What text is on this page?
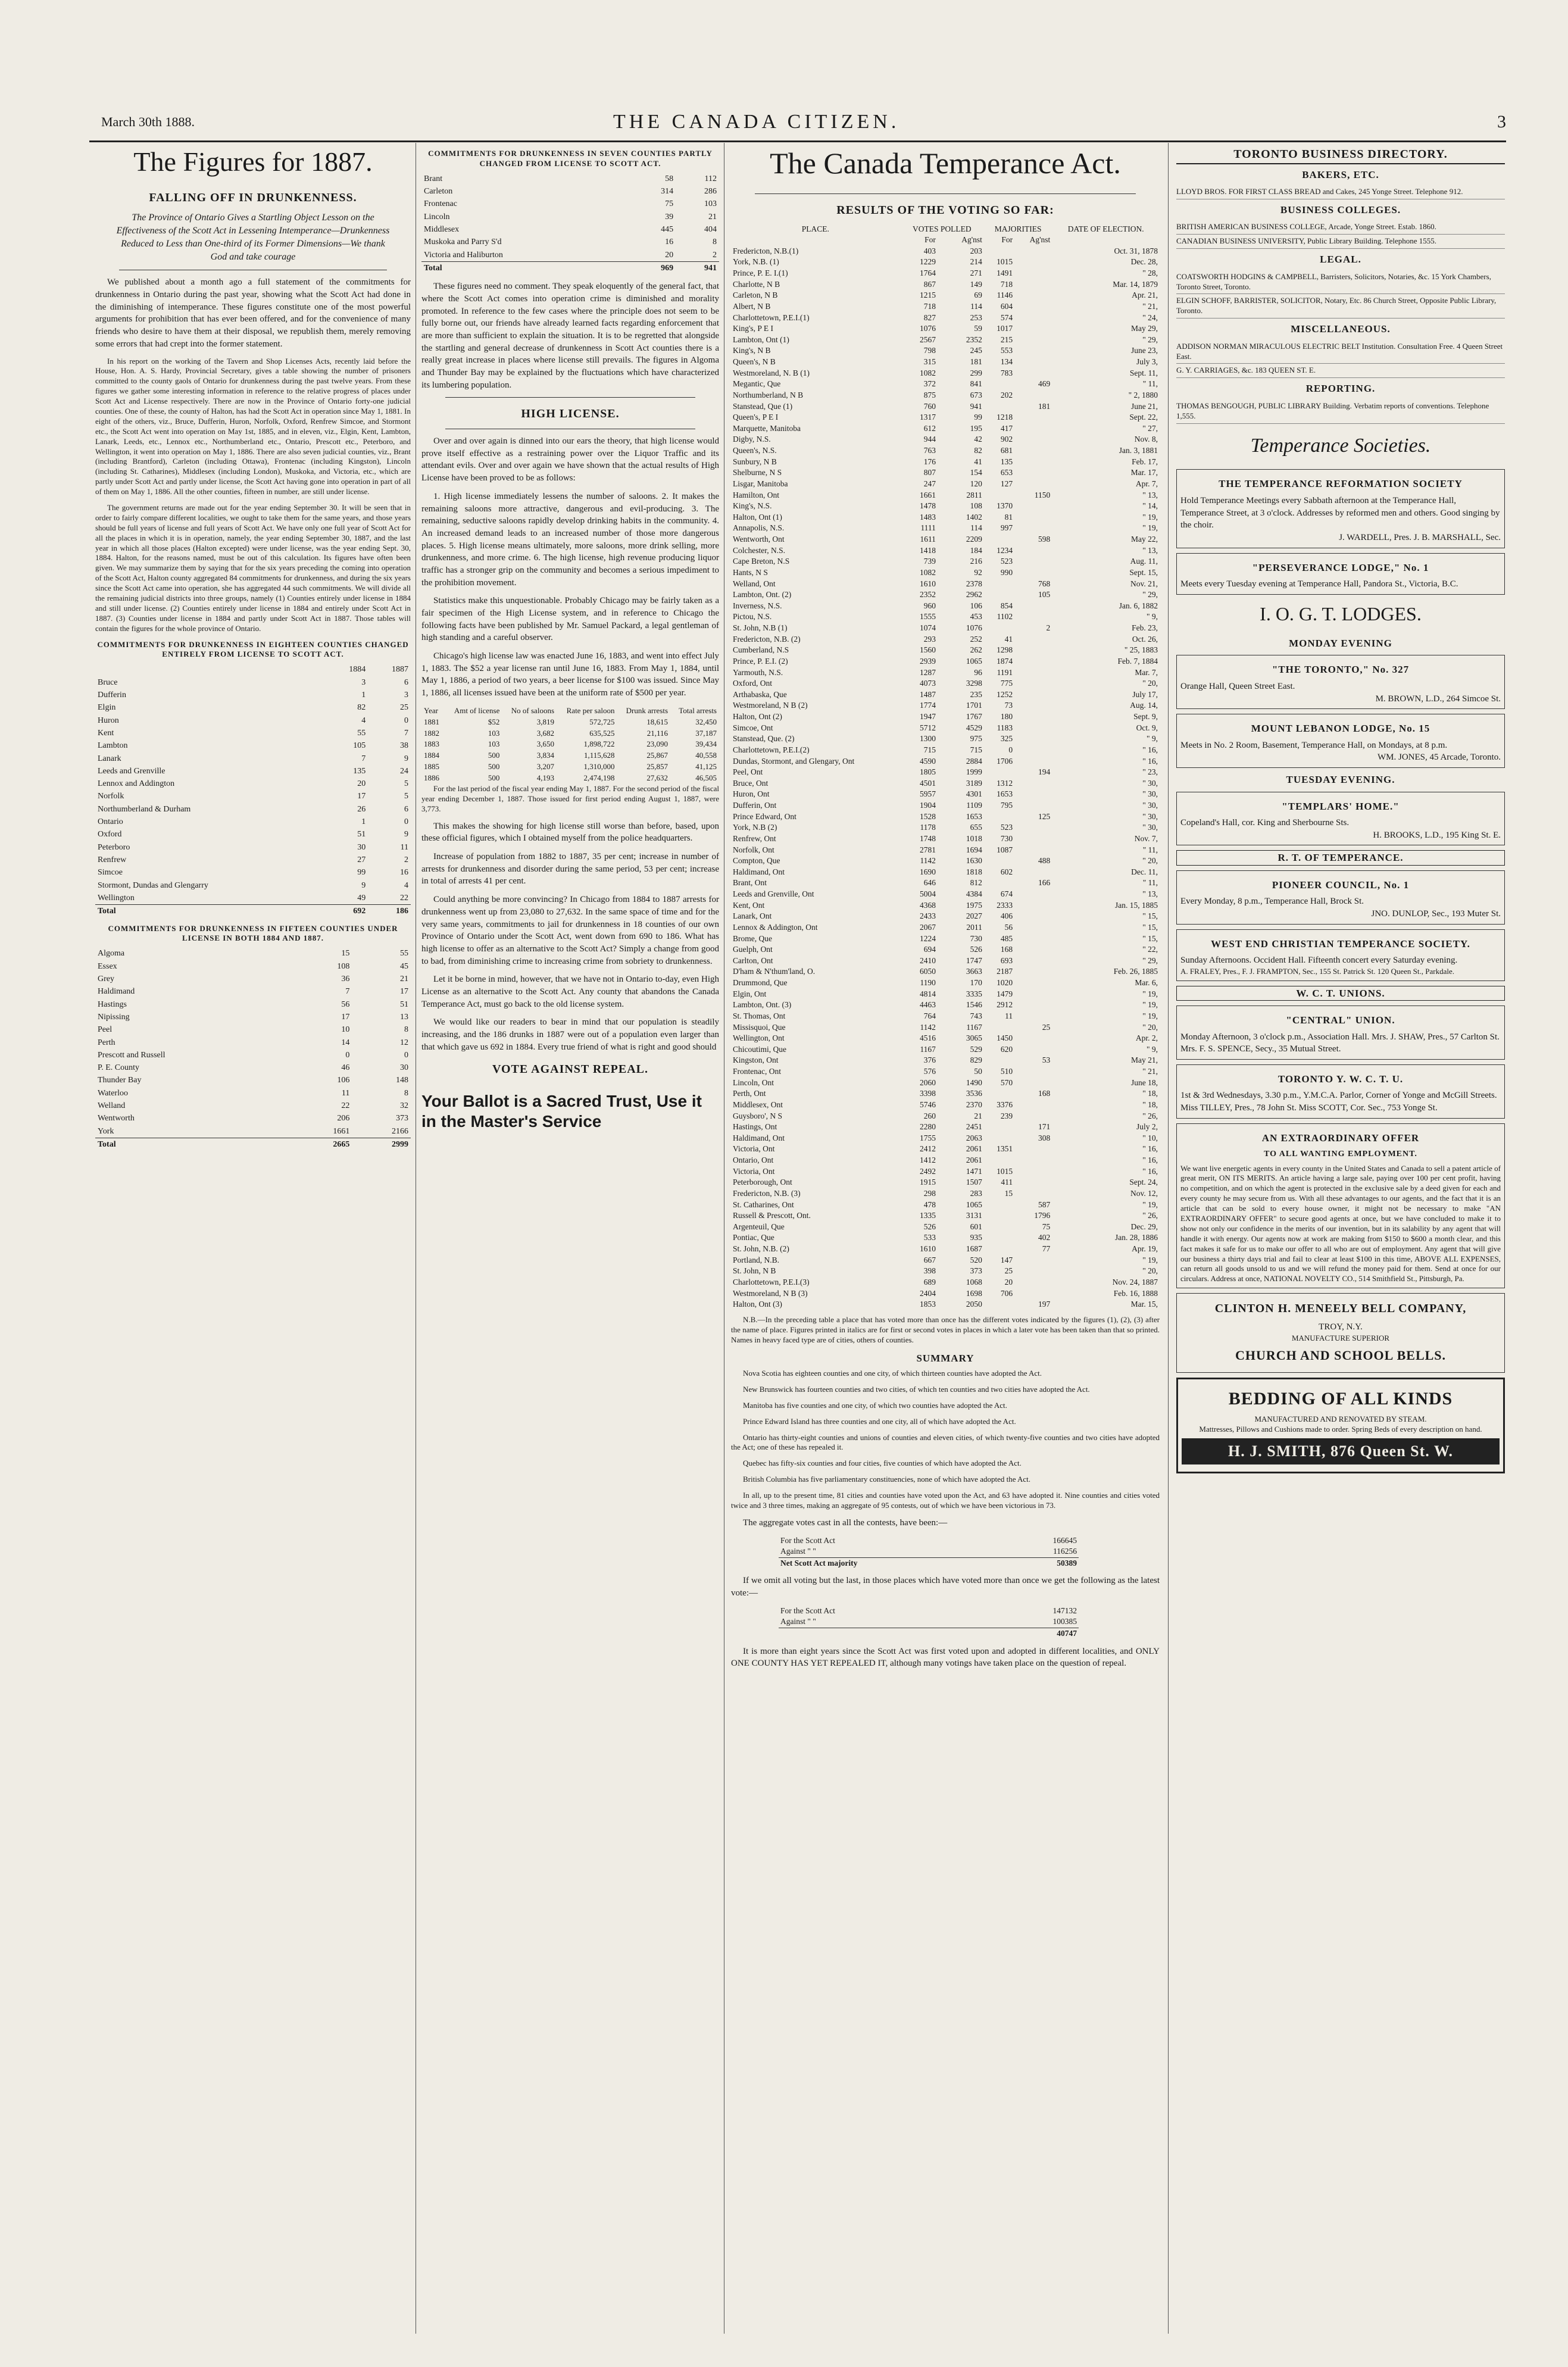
March 30th 1888.	THE CANADA CITIZEN.	3
The Figures for 1887.
FALLING OFF IN DRUNKENNESS.
The Province of Ontario Gives a Startling Object Lesson on the Effectiveness of the Scott Act in Lessening Intemperance—Drunkenness Reduced to Less than One-third of its Former Dimensions—We thank God and take courage

We published about a month ago a full statement of the commitments for drunkenness in Ontario during the past year, showing what the Scott Act had done in the diminishing of intemperance. These figures constitute one of the most powerful arguments for prohibition that has ever been offered, and for the convenience of many friends who desire to have them at their disposal, we republish them, merely removing some errors that had crept into the former statement.

In his report on the working of the Tavern and Shop Licenses Acts, recently laid before the House, Hon. A. S. Hardy, Provincial Secretary, gives a table showing the number of prisoners committed to the county gaols of Ontario for drunkenness during the past twelve years. From these figures we gather some interesting information in reference to the relative progress of places under Scott Act and License respectively. There are now in the Province of Ontario forty-one judicial counties. One of these, the county of Halton, has had the Scott Act in operation since May 1, 1881. In eight of the others, viz., Bruce, Dufferin, Huron, Norfolk, Oxford, Renfrew Simcoe, and Stormont etc., the Scott Act went into operation on May 1st, 1885, and in eleven, viz., Elgin, Kent, Lambton, Lanark, Leeds, etc., Lennox etc., Northumberland etc., Ontario, Prescott etc., Peterboro, and Wellington, it went into operation on May 1, 1886. There are also seven judicial counties, viz., Brant (including Brantford), Carleton (including Ottawa), Frontenac (including Kingston), Lincoln (including St. Catharines), Middlesex (including London), Muskoka, and Victoria, etc., which are partly under Scott Act and partly under license, the Scott Act having gone into operation in part of all of them on May 1, 1886. All the other counties, fifteen in number, are still under license.

The government returns are made out for the year ending September 30. It will be seen that in order to fairly compare different localities, we ought to take them for the same years, and those years should be full years of license and full years of Scott Act. We have only one full year of Scott Act for all the places in which it is in operation, namely, the year ending September 30, 1887, and the last year in which all those places (Halton excepted) were under license, was the year ending Sept. 30, 1884. Halton, for the reasons named, must be out of this calculation. Its figures have often been given. We may summarize them by saying that for the six years preceding the coming into operation of the Scott Act, Halton county aggregated 84 commitments for drunkenness, and during the six years since the Scott Act came into operation, she has aggregated 44 such commitments. We will divide all the remaining judicial districts into three groups, namely (1) Counties entirely under license in 1884 and still under license. (2) Counties entirely under license in 1884 and entirely under Scott Act in 1887. (3) Counties under license in 1884 and partly under Scott Act in 1887. Those tables will contain the figures for the whole province of Ontario.

COMMITMENTS FOR DRUNKENNESS IN EIGHTEEN COUNTIES CHANGED ENTIRELY FROM LICENSE TO SCOTT ACT.
	1884	1887
Bruce	3	6
Dufferin	1	3
Elgin	82	25
Huron	4	0
Kent	55	7
Lambton	105	38
Lanark	7	9
Leeds and Grenville	135	24
Lennox and Addington	20	5
Norfolk	17	5
Northumberland & Durham	26	6
Ontario	1	0
Oxford	51	9
Peterboro	30	11
Renfrew	27	2
Simcoe	99	16
Stormont, Dundas and Glengarry	9	4
Wellington	49	22
Total	692	186
COMMITMENTS FOR DRUNKENNESS IN FIFTEEN COUNTIES UNDER LICENSE IN BOTH 1884 AND 1887.
Algoma	15	55
Essex	108	45
Grey	36	21
Haldimand	7	17
Hastings	56	51
Nipissing	17	13
Peel	10	8
Perth	14	12
Prescott and Russell	0	0
P. E. County	46	30
Thunder Bay	106	148
Waterloo	11	8
Welland	22	32
Wentworth	206	373
York	1661	2166
Total	2665	2999
COMMITMENTS FOR DRUNKENNESS IN SEVEN COUNTIES PARTLY CHANGED FROM LICENSE TO SCOTT ACT.
Brant	58	112
Carleton	314	286
Frontenac	75	103
Lincoln	39	21
Middlesex	445	404
Muskoka and Parry S'd	16	8
Victoria and Haliburton	20	2
Total	969	941

These figures need no comment. They speak eloquently of the general fact, that where the Scott Act comes into operation crime is diminished and morality promoted. In reference to the few cases where the principle does not seem to be fully borne out, our friends have already learned facts regarding enforcement that are more than sufficient to explain the situation. It is to be regretted that alongside the startling and general decrease of drunkenness in Scott Act counties there is a really great increase in places where license still prevails. The figures in Algoma and Thunder Bay may be explained by the fluctuations which have characterized its lumbering population.

HIGH LICENSE.

Over and over again is dinned into our ears the theory, that high license would prove itself effective as a restraining power over the Liquor Traffic and its attendant evils. Over and over again we have shown that the actual results of High License have been proved to be as follows:

1. High license immediately lessens the number of saloons. 2. It makes the remaining saloons more attractive, dangerous and evil-producing. 3. The remaining, seductive saloons rapidly develop drinking habits in the community. 4. An increased demand leads to an increased number of those more dangerous places. 5. High license means ultimately, more saloons, more drink selling, more drunkenness, and more crime. 6. The high license, high revenue producing liquor traffic has a stronger grip on the community and becomes a serious impediment to the prohibition movement.

Statistics make this unquestionable. Probably Chicago may be fairly taken as a fair specimen of the High License system, and in reference to Chicago the following facts have been published by Mr. Samuel Packard, a legal gentleman of high standing and a careful observer.

Chicago's high license law was enacted June 16, 1883, and went into effect July 1, 1883. The $52 a year license ran until June 16, 1883. From May 1, 1884, until May 1, 1886, a period of two years, a beer license for $100 was issued. Since May 1, 1886, all licenses issued have been at the uniform rate of $500 per year.

Year	Amt of license	No of saloons	Rate per saloon	Drunk arrests	Total arrests
1881	$52	3,819	572,725	18,615	32,450
1882	103	3,682	635,525	21,116	37,187
1883	103	3,650	1,898,722	23,090	39,434
1884	500	3,834	1,115,628	25,867	40,558
1885	500	3,207	1,310,000	25,857	41,125
1886	500	4,193	2,474,198	27,632	46,505

For the last period of the fiscal year ending May 1, 1887. For the second period of the fiscal year ending December 1, 1887. Those issued for first period ending August 1, 1887, were 3,773.

This makes the showing for high license still worse than before, based, upon these official figures, which I obtained myself from the police headquarters.

Increase of population from 1882 to 1887, 35 per cent; increase in number of arrests for drunkenness and disorder during the same period, 53 per cent; increase in total of arrests 41 per cent.

Could anything be more convincing? In Chicago from 1884 to 1887 arrests for drunkenness went up from 23,080 to 27,632. In the same space of time and for the very same years, commitments to jail for drunkenness in 18 counties of our own Province of Ontario under the Scott Act, went down from 690 to 186. What has high license to offer as an alternative to the Scott Act? Simply a change from good to bad, from diminishing crime to increasing crime from sobriety to drunkenness.

Let it be borne in mind, however, that we have not in Ontario to-day, even High License as an alternative to the Scott Act. Any county that abandons the Canada Temperance Act, must go back to the old license system.

We would like our readers to bear in mind that our population is steadily increasing, and the 186 drunks in 1887 were out of a population even larger than that which gave us 692 in 1884. Every true friend of what is right and good should

VOTE AGAINST REPEAL.
Your Ballot is a Sacred Trust, Use it in the Master's Service
The Canada Temperance Act.
RESULTS OF THE VOTING SO FAR:
PLACE.	VOTES POLLED		MAJORITIES		DATE OF ELECTION.
	For	Ag'nst	For	Ag'nst	
Fredericton, N.B.(1)	403	203			Oct. 31, 1878
York, N.B. (1)	1229	214	1015		Dec. 28,
Prince, P. E. I.(1)	1764	271	1491		" 28,
Charlotte, N B	867	149	718		Mar. 14, 1879
Carleton, N B	1215	69	1146		Apr. 21,
Albert, N B	718	114	604		" 21,
Charlottetown, P.E.I.(1)	827	253	574		" 24,
King's, P E I	1076	59	1017		May 29,
Lambton, Ont (1)	2567	2352	215		" 29,
King's, N B	798	245	553		June 23,
Queen's, N B	315	181	134		July 3,
Westmoreland, N. B (1)	1082	299	783		Sept. 11,
Megantic, Que	372	841		469	" 11,
Northumberland, N B	875	673	202		" 2, 1880
Stanstead, Que (1)	760	941		181	June 21,
Queen's, P E I	1317	99	1218		Sept. 22,
Marquette, Manitoba	612	195	417		" 27,
Digby, N.S.	944	42	902		Nov. 8,
Queen's, N.S.	763	82	681		Jan. 3, 1881
Sunbury, N B	176	41	135		Feb. 17,
Shelburne, N S	807	154	653		Mar. 17,
Lisgar, Manitoba	247	120	127		Apr. 7,
Hamilton, Ont	1661	2811		1150	" 13,
King's, N.S.	1478	108	1370		" 14,
Halton, Ont (1)	1483	1402	81		" 19,
Annapolis, N.S.	1111	114	997		" 19,
Wentworth, Ont	1611	2209		598	May 22,
Colchester, N.S.	1418	184	1234		" 13,
Cape Breton, N.S	739	216	523		Aug. 11,
Hants, N S	1082	92	990		Sept. 15,
Welland, Ont	1610	2378		768	Nov. 21,
Lambton, Ont. (2)	2352	2962		105	" 29,
Inverness, N.S.	960	106	854		Jan. 6, 1882
Pictou, N.S.	1555	453	1102		" 9,
St. John, N.B (1)	1074	1076		2	Feb. 23,
Fredericton, N.B. (2)	293	252	41		Oct. 26,
Cumberland, N.S	1560	262	1298		" 25, 1883
Prince, P. E.I. (2)	2939	1065	1874		Feb. 7, 1884
Yarmouth, N.S.	1287	96	1191		Mar. 7,
Oxford, Ont	4073	3298	775		" 20,
Arthabaska, Que	1487	235	1252		July 17,
Westmoreland, N B (2)	1774	1701	73		Aug. 14,
Halton, Ont (2)	1947	1767	180		Sept. 9,
Simcoe, Ont	5712	4529	1183		Oct. 9,
Stanstead, Que. (2)	1300	975	325		" 9,
Charlottetown, P.E.I.(2)	715	715	0		" 16,
Dundas, Stormont, and Glengary, Ont	4590	2884	1706		" 16,
Peel, Ont	1805	1999		194	" 23,
Bruce, Ont	4501	3189	1312		" 30,
Huron, Ont	5957	4301	1653		" 30,
Dufferin, Ont	1904	1109	795		" 30,
Prince Edward, Ont	1528	1653		125	" 30,
York, N.B (2)	1178	655	523		" 30,
Renfrew, Ont	1748	1018	730		Nov. 7,
Norfolk, Ont	2781	1694	1087		" 11,
Compton, Que	1142	1630		488	" 20,
Haldimand, Ont	1690	1818	602		Dec. 11,
Brant, Ont	646	812		166	" 11,
Leeds and Grenville, Ont	5004	4384	674		" 13,
Kent, Ont	4368	1975	2333		Jan. 15, 1885
Lanark, Ont	2433	2027	406		" 15,
Lennox & Addington, Ont	2067	2011	56		" 15,
Brome, Que	1224	730	485		" 15,
Guelph, Ont	694	526	168		" 22,
Carlton, Ont	2410	1747	693		" 29,
D'ham & N'thum'land, O.	6050	3663	2187		Feb. 26, 1885
Drummond, Que	1190	170	1020		Mar. 6,
Elgin, Ont	4814	3335	1479		" 19,
Lambton, Ont. (3)	4463	1546	2912		" 19,
St. Thomas, Ont	764	743	11		" 19,
Missisquoi, Que	1142	1167		25	" 20,
Wellington, Ont	4516	3065	1450		Apr. 2,
Chicoutimi, Que	1167	529	620		" 9,
Kingston, Ont	376	829		53	May 21,
Frontenac, Ont	576	50	510		" 21,
Lincoln, Ont	2060	1490	570		June 18,
Perth, Ont	3398	3536		168	" 18,
Middlesex, Ont	5746	2370	3376		" 18,
Guysboro', N S	260	21	239		" 26,
Hastings, Ont	2280	2451		171	July 2,
Haldimand, Ont	1755	2063		308	" 10,
Victoria, Ont	2412	2061	1351		" 16,
Ontario, Ont	1412	2061			" 16,
Victoria, Ont	2492	1471	1015		" 16,
Peterborough, Ont	1915	1507	411		Sept. 24,
Fredericton, N.B. (3)	298	283	15		Nov. 12,
St. Catharines, Ont	478	1065		587	" 19,
Russell & Prescott, Ont.	1335	3131		1796	" 26,
Argenteuil, Que	526	601		75	Dec. 29,
Pontiac, Que	533	935		402	Jan. 28, 1886
St. John, N.B. (2)	1610	1687		77	Apr. 19,
Portland, N.B.	667	520	147		" 19,
St. John, N B	398	373	25		" 20,
Charlottetown, P.E.I.(3)	689	1068	20		Nov. 24, 1887
Westmoreland, N B (3)	2404	1698	706		Feb. 16, 1888
Halton, Ont (3)	1853	2050		197	Mar. 15,

N.B.—In the preceding table a place that has voted more than once has the different votes indicated by the figures (1), (2), (3) after the name of place. Figures printed in italics are for first or second votes in places in which a later vote has been taken than that so printed. Names in heavy faced type are of cities, others of counties.

SUMMARY

Nova Scotia has eighteen counties and one city, of which thirteen counties have adopted the Act.

New Brunswick has fourteen counties and two cities, of which ten counties and two cities have adopted the Act.

Manitoba has five counties and one city, of which two counties have adopted the Act.

Prince Edward Island has three counties and one city, all of which have adopted the Act.

Ontario has thirty-eight counties and unions of counties and eleven cities, of which twenty-five counties and two cities have adopted the Act; one of these has repealed it.

Quebec has fifty-six counties and four cities, five counties of which have adopted the Act.

British Columbia has five parliamentary constituencies, none of which have adopted the Act.

In all, up to the present time, 81 cities and counties have voted upon the Act, and 63 have adopted it. Nine counties and cities voted twice and 3 three times, making an aggregate of 95 contests, out of which we have been victorious in 73.

The aggregate votes cast in all the contests, have been:—

For the Scott Act	166645
Against " "	116256
Net Scott Act majority	50389

If we omit all voting but the last, in those places which have voted more than once we get the following as the latest vote:—

For the Scott Act	147132
Against " "	100385
	40747

It is more than eight years since the Scott Act was first voted upon and adopted in different localities, and ONLY ONE COUNTY HAS YET REPEALED IT, although many votings have taken place on the question of repeal.

TORONTO BUSINESS DIRECTORY.
BAKERS, ETC.
LLOYD BROS. FOR FIRST CLASS BREAD and Cakes, 245 Yonge Street. Telephone 912.
BUSINESS COLLEGES.
BRITISH AMERICAN BUSINESS COLLEGE, Arcade, Yonge Street. Estab. 1860.
CANADIAN BUSINESS UNIVERSITY, Public Library Building. Telephone 1555.
LEGAL.
COATSWORTH HODGINS & CAMPBELL, Barristers, Solicitors, Notaries, &c. 15 York Chambers, Toronto Street, Toronto.
ELGIN SCHOFF, BARRISTER, SOLICITOR, Notary, Etc. 86 Church Street, Opposite Public Library, Toronto.
MISCELLANEOUS.
ADDISON NORMAN MIRACULOUS ELECTRIC BELT Institution. Consultation Free. 4 Queen Street East.
G. Y. CARRIAGES, &c. 183 QUEEN ST. E.
REPORTING.
THOMAS BENGOUGH, PUBLIC LIBRARY Building. Verbatim reports of conventions. Telephone 1,555.
Temperance Societies.
THE TEMPERANCE REFORMATION SOCIETY
Hold Temperance Meetings every Sabbath afternoon at the Temperance Hall, Temperance Street, at 3 o'clock. Addresses by reformed men and others. Good singing by the choir.
J. WARDELL, Pres. J. B. MARSHALL, Sec.
"PERSEVERANCE LODGE," No. 1
Meets every Tuesday evening at Temperance Hall, Pandora St., Victoria, B.C.
I. O. G. T. LODGES.
MONDAY EVENING
"THE TORONTO," No. 327
Orange Hall, Queen Street East.
M. BROWN, L.D., 264 Simcoe St.
MOUNT LEBANON LODGE, No. 15
Meets in No. 2 Room, Basement, Temperance Hall, on Mondays, at 8 p.m.
WM. JONES, 45 Arcade, Toronto.
TUESDAY EVENING.
"TEMPLARS' HOME."
Copeland's Hall, cor. King and Sherbourne Sts.
H. BROOKS, L.D., 195 King St. E.
R. T. OF TEMPERANCE.
PIONEER COUNCIL, No. 1
Every Monday, 8 p.m., Temperance Hall, Brock St.
JNO. DUNLOP, Sec., 193 Muter St.
WEST END CHRISTIAN TEMPERANCE SOCIETY.
Sunday Afternoons. Occident Hall. Fifteenth concert every Saturday evening.
A. FRALEY, Pres., F. J. FRAMPTON, Sec., 155 St. Patrick St. 120 Queen St., Parkdale.
W. C. T. UNIONS.
"CENTRAL" UNION.
Monday Afternoon, 3 o'clock p.m., Association Hall. Mrs. J. SHAW, Pres., 57 Carlton St. Mrs. F. S. SPENCE, Secy., 35 Mutual Street.
TORONTO Y. W. C. T. U.
1st & 3rd Wednesdays, 3.30 p.m., Y.M.C.A. Parlor, Corner of Yonge and McGill Streets. Miss TILLEY, Pres., 78 John St. Miss SCOTT, Cor. Sec., 753 Yonge St.
AN EXTRAORDINARY OFFER
TO ALL WANTING EMPLOYMENT.
We want live energetic agents in every county in the United States and Canada to sell a patent article of great merit, ON ITS MERITS. An article having a large sale, paying over 100 per cent profit, having no competition, and on which the agent is protected in the exclusive sale by a deed given for each and every county he may secure from us. With all these advantages to our agents, and the fact that it is an article that can be sold to every house owner, it might not be necessary to make "AN EXTRAORDINARY OFFER" to secure good agents at once, but we have concluded to make it to show not only our confidence in the merits of our invention, but in its salability by any agent that will handle it with energy. Our agents now at work are making from $150 to $600 a month clear, and this fact makes it safe for us to make our offer to all who are out of employment. Any agent that will give our business a thirty days trial and fail to clear at least $100 in this time, ABOVE ALL EXPENSES, can return all goods unsold to us and we will refund the money paid for them. Send at once for our circulars. Address at once, NATIONAL NOVELTY CO., 514 Smithfield St., Pittsburgh, Pa.
CLINTON H. MENEELY BELL COMPANY,
TROY, N.Y.
MANUFACTURE SUPERIOR
CHURCH AND SCHOOL BELLS.
BEDDING OF ALL KINDS
MANUFACTURED AND RENOVATED BY STEAM.
Mattresses, Pillows and Cushions made to order. Spring Beds of every description on hand.
H. J. SMITH, 876 Queen St. W.
